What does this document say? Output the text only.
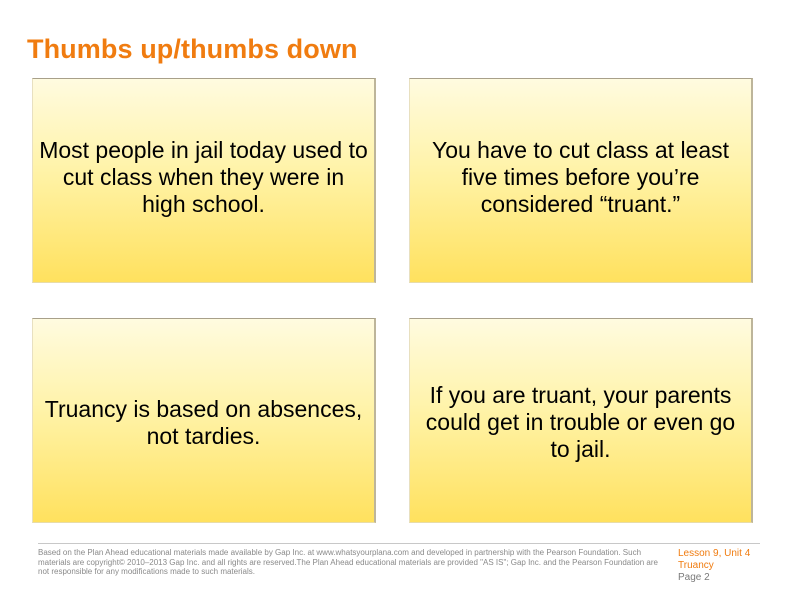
Thumbs up/thumbs down
Most people in jail today used to cut class when they were in high school.
You have to cut class at least five times before you’re considered “truant.”
Truancy is based on absences, not tardies.
If you are truant, your parents could get in trouble or even go to jail.

Based on the Plan Ahead educational materials made available by Gap Inc. at www.whatsyourplana.com and developed in partnership with the Pearson Foundation. Such materials are copyright© 2010–2013 Gap Inc. and all rights are reserved.The Plan Ahead educational materials are provided "AS IS"; Gap Inc. and the Pearson Foundation are not responsible for any modifications made to such materials.

Lesson 9, Unit 4
Truancy
Page 2
